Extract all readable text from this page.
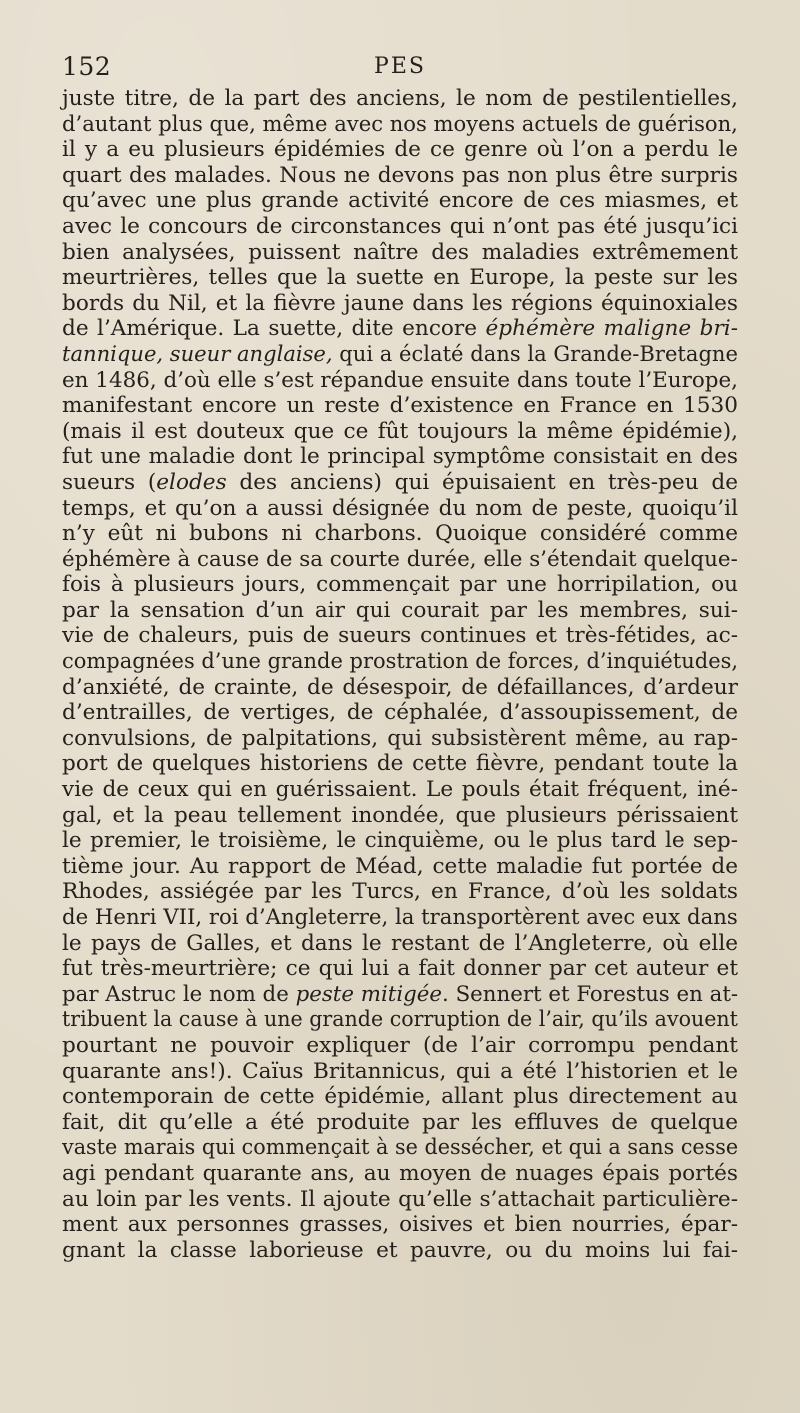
152	PES
juste titre, de la part des anciens, le nom de pestilentielles,
d’autant plus que, même avec nos moyens actuels de guérison,
il y a eu plusieurs épidémies de ce genre où l’on a perdu le
quart des malades. Nous ne devons pas non plus être surpris
qu’avec une plus grande activité encore de ces miasmes, et
avec le concours de circonstances qui n’ont pas été jusqu’ici
bien analysées, puissent naître des maladies extrêmement
meurtrières, telles que la suette en Europe, la peste sur les
bords du Nil, et la fièvre jaune dans les régions équinoxiales
de l’Amérique. La suette, dite encore éphémère maligne bri-
tannique, sueur anglaise, qui a éclaté dans la Grande-Bretagne
en 1486, d’où elle s’est répandue ensuite dans toute l’Europe,
manifestant encore un reste d’existence en France en 1530
(mais il est douteux que ce fût toujours la même épidémie),
fut une maladie dont le principal symptôme consistait en des
sueurs (elodes des anciens) qui épuisaient en très-peu de
temps, et qu’on a aussi désignée du nom de peste, quoiqu’il
n’y eût ni bubons ni charbons. Quoique considéré comme
éphémère à cause de sa courte durée, elle s’étendait quelque-
fois à plusieurs jours, commençait par une horripilation, ou
par la sensation d’un air qui courait par les membres, sui-
vie de chaleurs, puis de sueurs continues et très-fétides, ac-
compagnées d’une grande prostration de forces, d’inquiétudes,
d’anxiété, de crainte, de désespoir, de défaillances, d’ardeur
d’entrailles, de vertiges, de céphalée, d’assoupissement, de
convulsions, de palpitations, qui subsistèrent même, au rap-
port de quelques historiens de cette fièvre, pendant toute la
vie de ceux qui en guérissaient. Le pouls était fréquent, iné-
gal, et la peau tellement inondée, que plusieurs périssaient
le premier, le troisième, le cinquième, ou le plus tard le sep-
tième jour. Au rapport de Méad, cette maladie fut portée de
Rhodes, assiégée par les Turcs, en France, d’où les soldats
de Henri VII, roi d’Angleterre, la transportèrent avec eux dans
le pays de Galles, et dans le restant de l’Angleterre, où elle
fut très-meurtrière; ce qui lui a fait donner par cet auteur et
par Astruc le nom de peste mitigée. Sennert et Forestus en at-
tribuent la cause à une grande corruption de l’air, qu’ils avouent
pourtant ne pouvoir expliquer (de l’air corrompu pendant
quarante ans!). Caïus Britannicus, qui a été l’historien et le
contemporain de cette épidémie, allant plus directement au
fait, dit qu’elle a été produite par les effluves de quelque
vaste marais qui commençait à se dessécher, et qui a sans cesse
agi pendant quarante ans, au moyen de nuages épais portés
au loin par les vents. Il ajoute qu’elle s’attachait particulière-
ment aux personnes grasses, oisives et bien nourries, épar-
gnant la classe laborieuse et pauvre, ou du moins lui fai-
